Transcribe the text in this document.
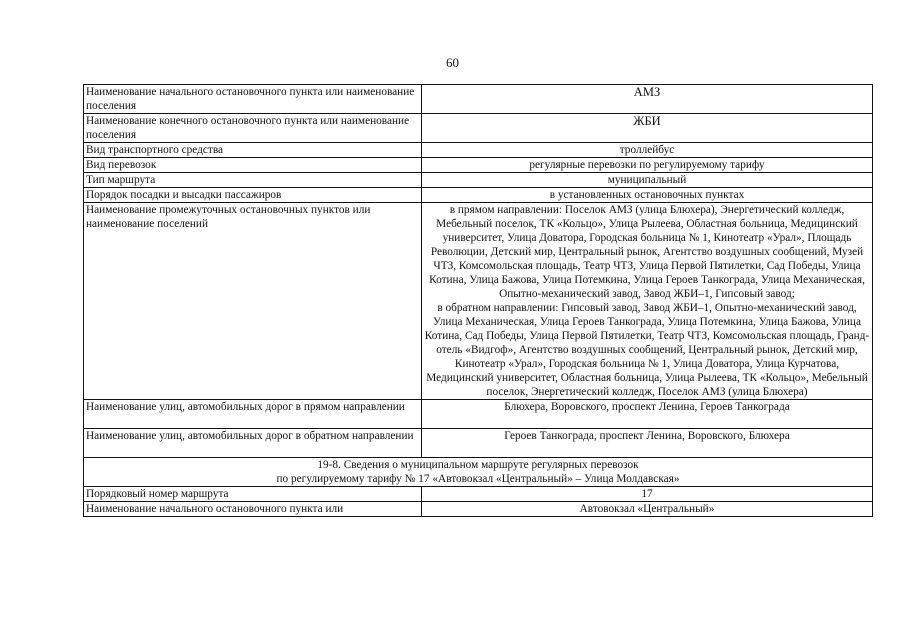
60
Наименование начального остановочного пункта или наименование поселения	АМЗ
Наименование конечного остановочного пункта или наименование поселения	ЖБИ
Вид транспортного средства	троллейбус
Вид перевозок	регулярные перевозки по регулируемому тарифу
Тип маршрута	муниципальный
Порядок посадки и высадки пассажиров	в установленных остановочных пунктах
Наименование промежуточных остановочных пунктов или наименование поселений	в прямом направлении: Поселок АМЗ (улица Блюхера), Энергетический колледж, Мебельный поселок, ТК «Кольцо», Улица Рылеева, Областная больница, Медицинский университет, Улица Доватора, Городская больница № 1, Кинотеатр «Урал», Площадь Революции, Детский мир, Центральный рынок, Агентство воздушных сообщений, Музей ЧТЗ, Комсомольская площадь, Театр ЧТЗ, Улица Первой Пятилетки, Сад Победы, Улица Котина, Улица Бажова, Улица Потемкина, Улица Героев Танкограда, Улица Механическая, Опытно-механический завод, Завод ЖБИ–1, Гипсовый завод;
в обратном направлении: Гипсовый завод, Завод ЖБИ–1, Опытно-механический завод, Улица Механическая, Улица Героев Танкограда, Улица Потемкина, Улица Бажова, Улица Котина, Сад Победы, Улица Первой Пятилетки, Театр ЧТЗ, Комсомольская площадь, Гранд-отель «Видгоф», Агентство воздушных сообщений, Центральный рынок, Детский мир, Кинотеатр «Урал», Городская больница № 1, Улица Доватора, Улица Курчатова, Медицинский университет, Областная больница, Улица Рылеева, ТК «Кольцо», Мебельный поселок, Энергетический колледж, Поселок АМЗ (улица Блюхера)

Наименование улиц, автомобильных дорог в прямом направлении	Блюхера, Воровского, проспект Ленина, Героев Танкограда
Наименование улиц, автомобильных дорог в обратном направлении	Героев Танкограда, проспект Ленина, Воровского, Блюхера

19-8. Сведения о муниципальном маршруте регулярных перевозок
по регулируемому тарифу № 17 «Автовокзал «Центральный» – Улица Молдавская»	

Порядковый номер маршрута	17
Наименование начального остановочного пункта или	Автовокзал «Центральный»
